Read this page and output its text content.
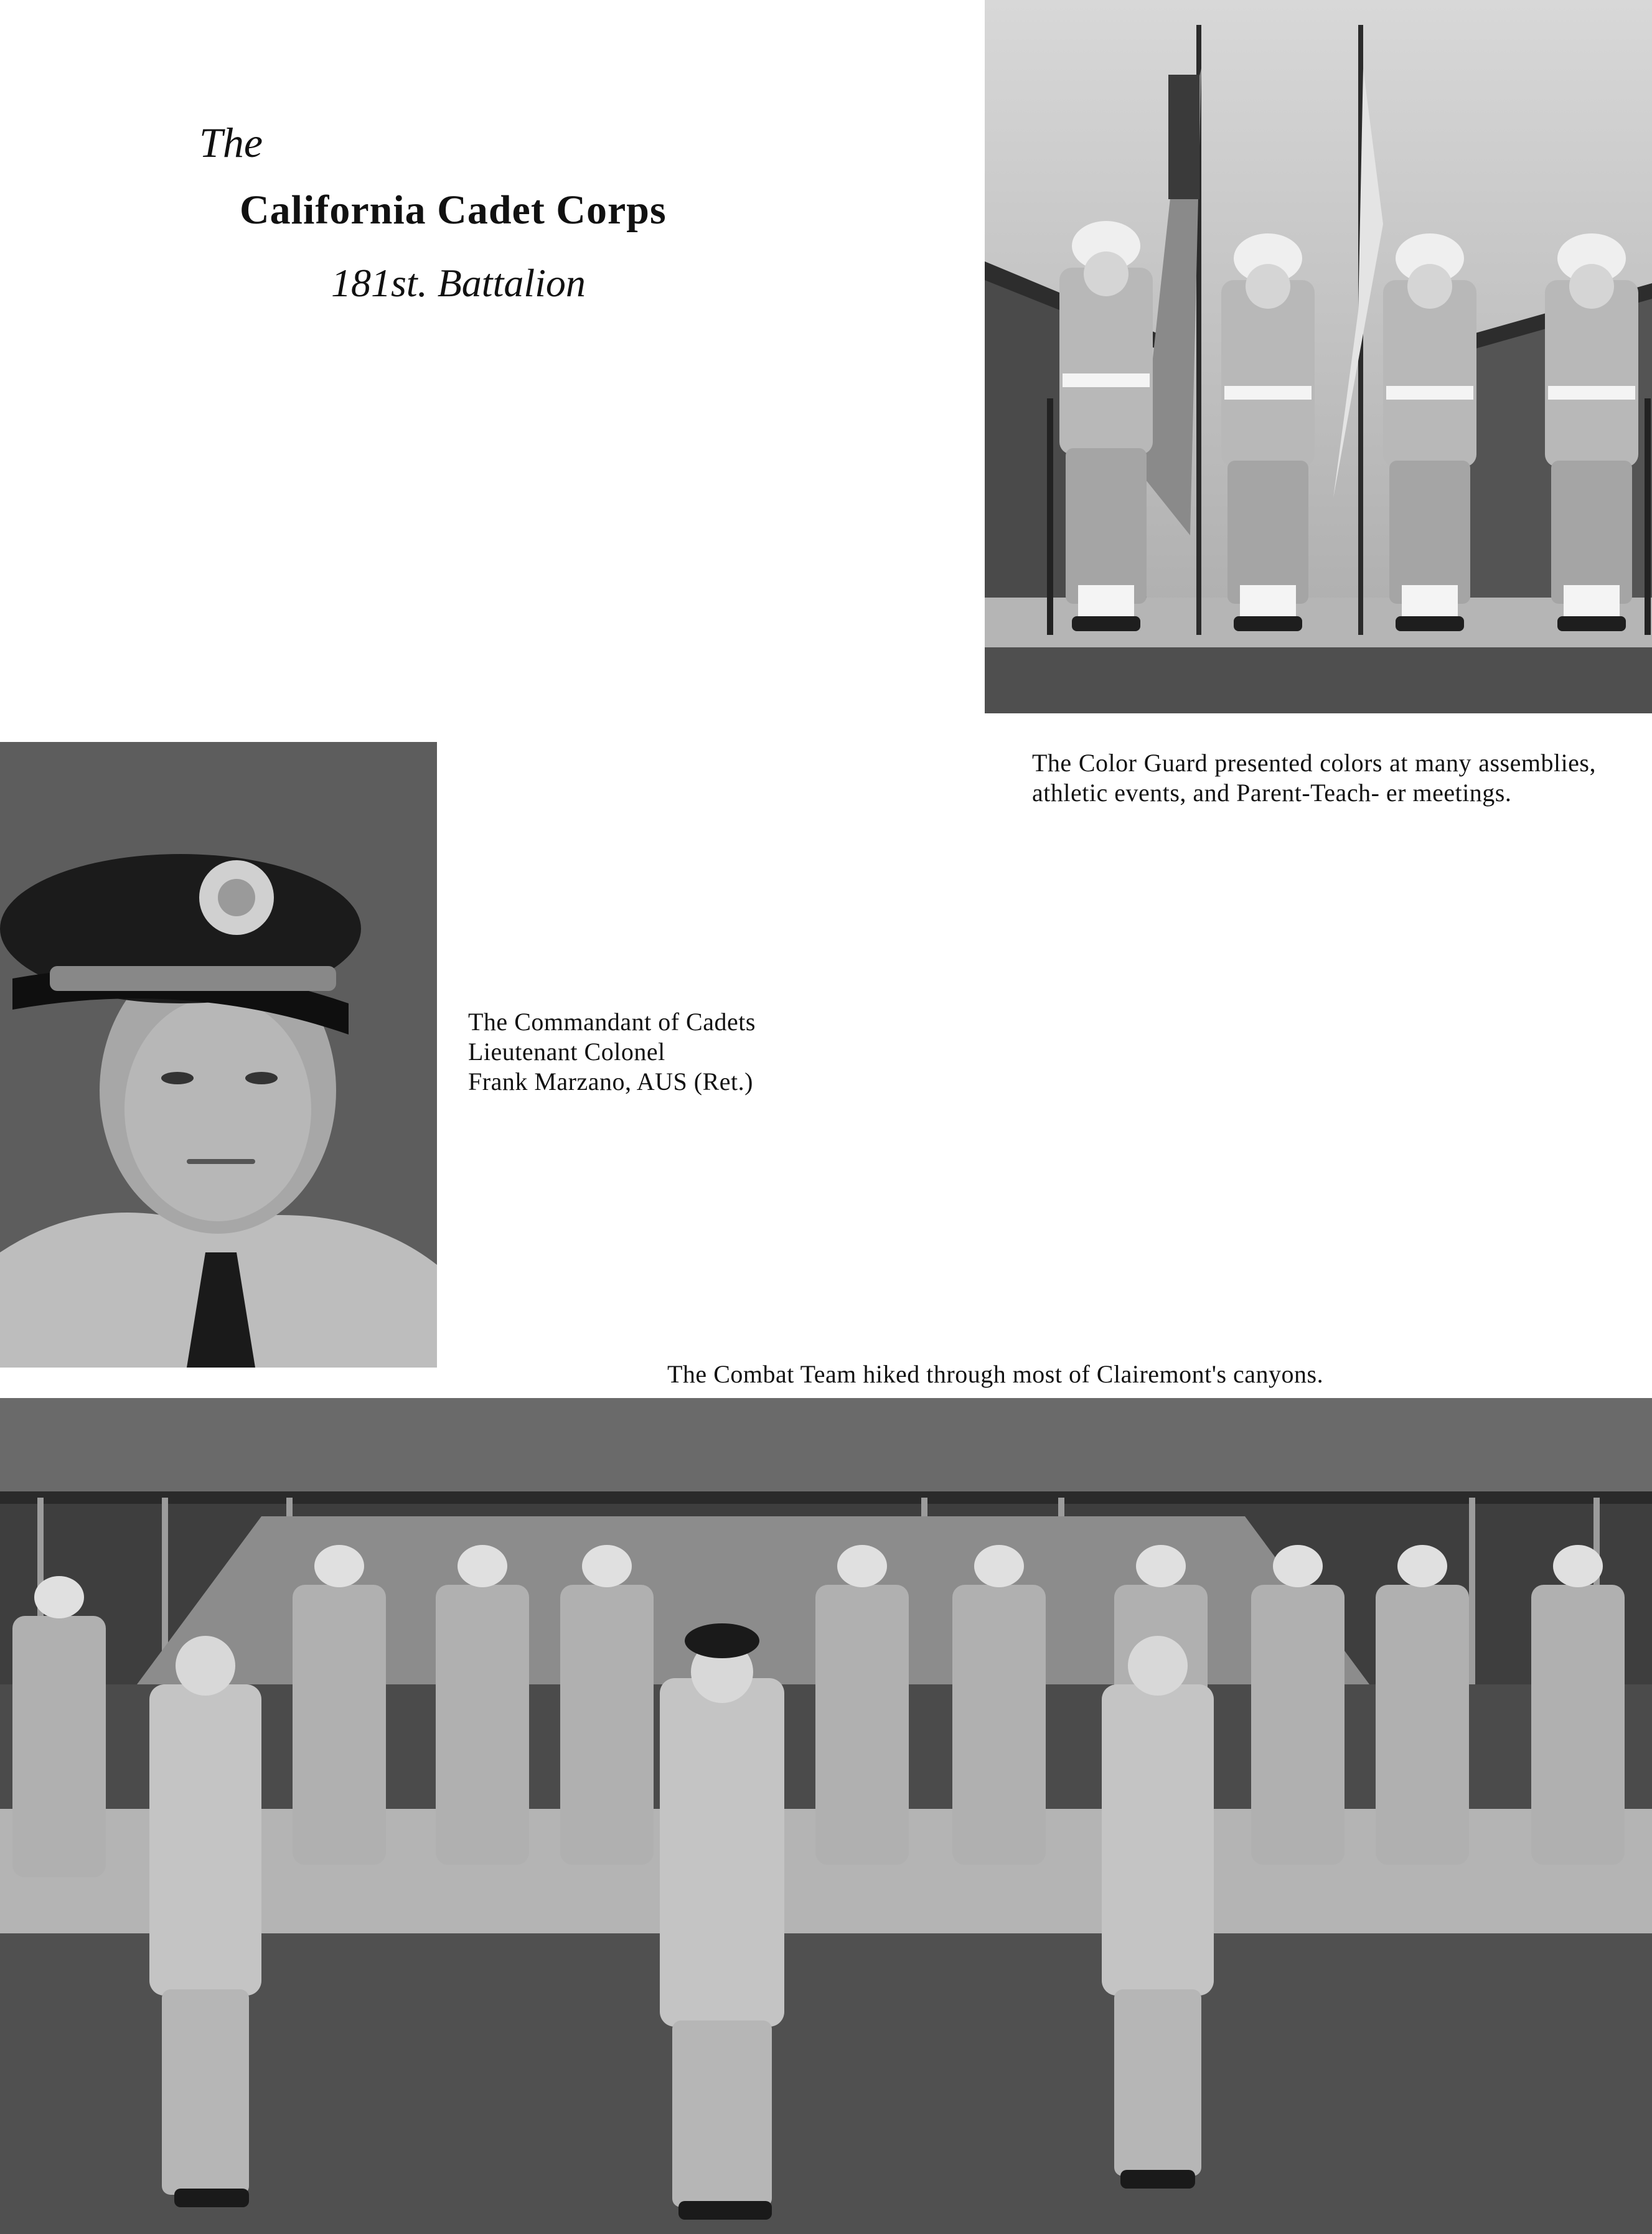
The
California Cadet Corps
181st. Battalion
The Color Guard presented colors at many assemblies, athletic events, and Parent-Teach- er meetings.
The Commandant of Cadets
Lieutenant Colonel
Frank Marzano, AUS (Ret.)
The Combat Team hiked through most of Clairemont's canyons.
